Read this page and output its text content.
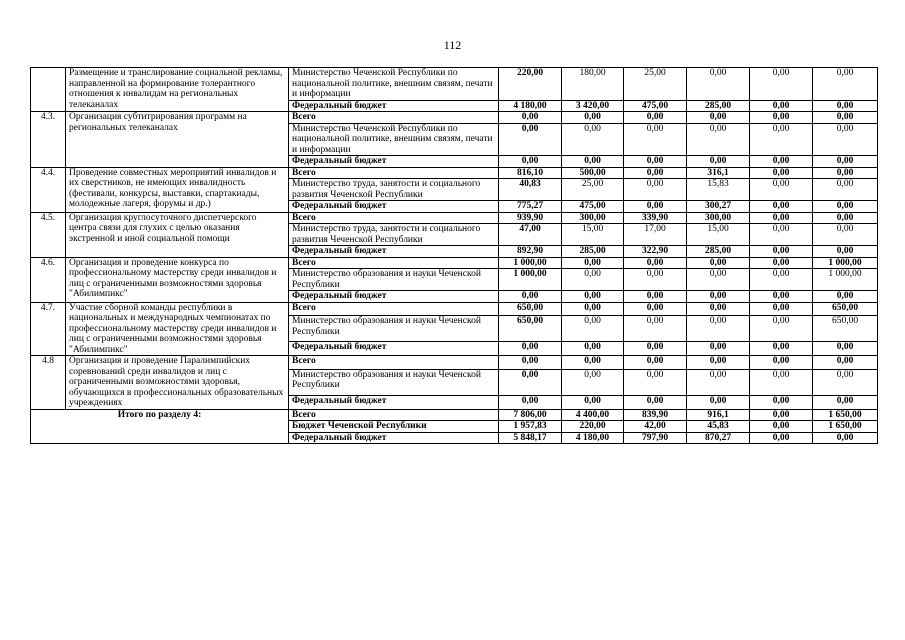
112
	Размещение и транслирование социальной рекламы, направленной на формирование толерантного отношения к инвалидам на региональных телеканалах	Министерство Чеченской Республики по национальной политике, внешним связям, печати и информации	220,00	180,00	25,00	0,00	0,00	0,00
		Федеральный бюджет	4 180,00	3 420,00	475,00	285,00	0,00	0,00
4.3.	Организация субтитрирования программ на региональных телеканалах	Всего	0,00	0,00	0,00	0,00	0,00	0,00
		Министерство Чеченской Республики по национальной политике, внешним связям, печати и информации	0,00	0,00	0,00	0,00	0,00	0,00
		Федеральный бюджет	0,00	0,00	0,00	0,00	0,00	0,00
4.4.	Проведение совместных мероприятий инвалидов и их сверстников, не имеющих инвалидность (фестивали, конкурсы, выставки, спартакиады, молодежные лагеря, форумы и др.)	Всего	816,10	500,00	0,00	316,1	0,00	0,00
		Министерство труда, занятости и социального развития Чеченской Республики	40,83	25,00	0,00	15,83	0,00	0,00
		Федеральный бюджет	775,27	475,00	0,00	300,27	0,00	0,00
4.5.	Организация круглосуточного диспетчерского центра связи для глухих с целью оказания экстренной и иной социальной помощи	Всего	939,90	300,00	339,90	300,00	0,00	0,00
		Министерство труда, занятости и социального развития Чеченской Республики	47,00	15,00	17,00	15,00	0,00	0,00
		Федеральный бюджет	892,90	285,00	322,90	285,00	0,00	0,00
4.6.	Организация и проведение конкурса по профессиональному мастерству среди инвалидов и лиц с ограниченными возможностями здоровья "Абилимпикс"	Всего	1 000,00	0,00	0,00	0,00	0,00	1 000,00
		Министерство образования и науки Чеченской Республики	1 000,00	0,00	0,00	0,00	0,00	1 000,00
		Федеральный бюджет	0,00	0,00	0,00	0,00	0,00	0,00
4.7.	Участие сборной команды республики в национальных и международных чемпионатах по профессиональному мастерству среди инвалидов и лиц с ограниченными возможностями здоровья "Абилимпикс"	Всего	650,00	0,00	0,00	0,00	0,00	650,00
		Министерство образования и науки Чеченской Республики	650,00	0,00	0,00	0,00	0,00	650,00
		Федеральный бюджет	0,00	0,00	0,00	0,00	0,00	0,00
4.8	Организация и проведение Паралимпийских соревнований среди инвалидов и лиц с ограниченными возможностями здоровья, обучающихся в профессиональных образовательных учреждениях	Всего	0,00	0,00	0,00	0,00	0,00	0,00
		Министерство образования и науки Чеченской Республики	0,00	0,00	0,00	0,00	0,00	0,00
		Федеральный бюджет	0,00	0,00	0,00	0,00	0,00	0,00
Итого по разделу 4:		Всего	7 806,00	4 400,00	839,90	916,1	0,00	1 650,00
		Бюджет Чеченской Республики	1 957,83	220,00	42,00	45,83	0,00	1 650,00
		Федеральный бюджет	5 848,17	4 180,00	797,90	870,27	0,00	0,00
